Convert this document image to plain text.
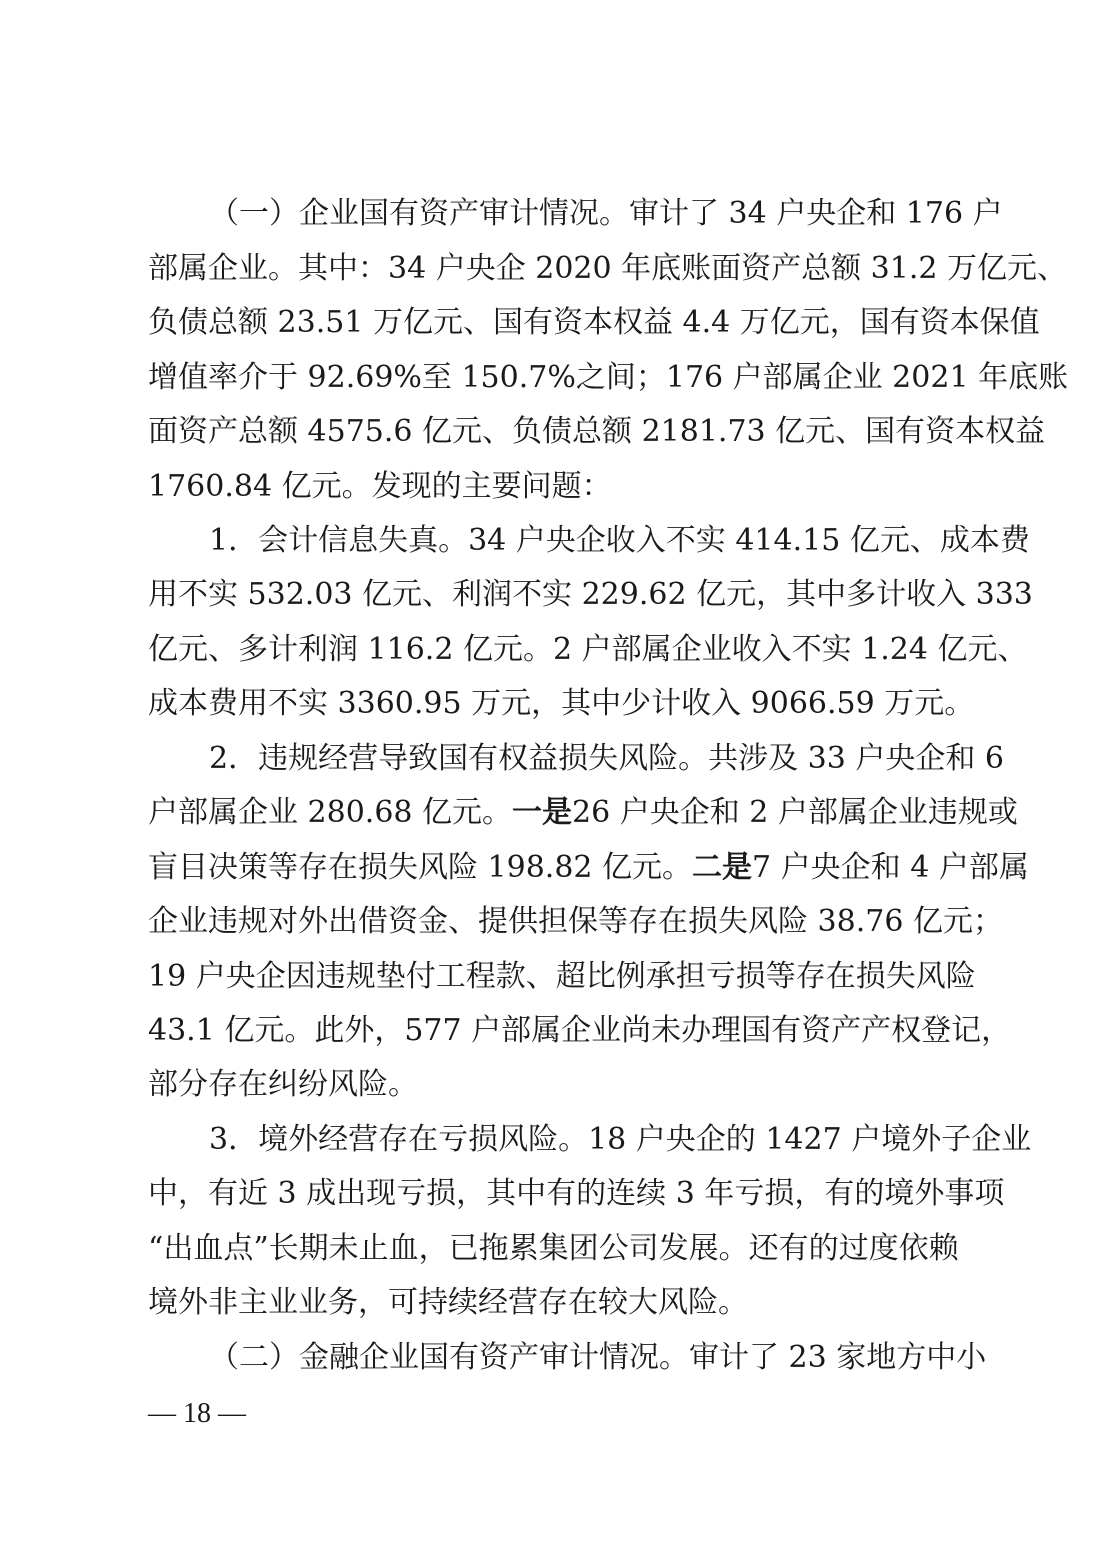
（一）企业国有资产审计情况。审计了 34 户央企和 176 户
部属企业。其中：34 户央企 2020 年底账面资产总额 31.2 万亿元、
负债总额 23.51 万亿元、国有资本权益 4.4 万亿元，国有资本保值
增值率介于 92.69%至 150.7%之间；176 户部属企业 2021 年底账
面资产总额 4575.6 亿元、负债总额 2181.73 亿元、国有资本权益
1760.84 亿元。发现的主要问题：
1．会计信息失真。34 户央企收入不实 414.15 亿元、成本费
用不实 532.03 亿元、利润不实 229.62 亿元，其中多计收入 333
亿元、多计利润 116.2 亿元。2 户部属企业收入不实 1.24 亿元、
成本费用不实 3360.95 万元，其中少计收入 9066.59 万元。
2．违规经营导致国有权益损失风险。共涉及 33 户央企和 6
户部属企业 280.68 亿元。一是26 户央企和 2 户部属企业违规或
盲目决策等存在损失风险 198.82 亿元。二是7 户央企和 4 户部属
企业违规对外出借资金、提供担保等存在损失风险 38.76 亿元；
19 户央企因违规垫付工程款、超比例承担亏损等存在损失风险
43.1 亿元。此外，577 户部属企业尚未办理国有资产产权登记，
部分存在纠纷风险。
3．境外经营存在亏损风险。18 户央企的 1427 户境外子企业
中，有近 3 成出现亏损，其中有的连续 3 年亏损，有的境外事项
“出血点”长期未止血，已拖累集团公司发展。还有的过度依赖
境外非主业业务，可持续经营存在较大风险。
（二）金融企业国有资产审计情况。审计了 23 家地方中小
— 18 —
